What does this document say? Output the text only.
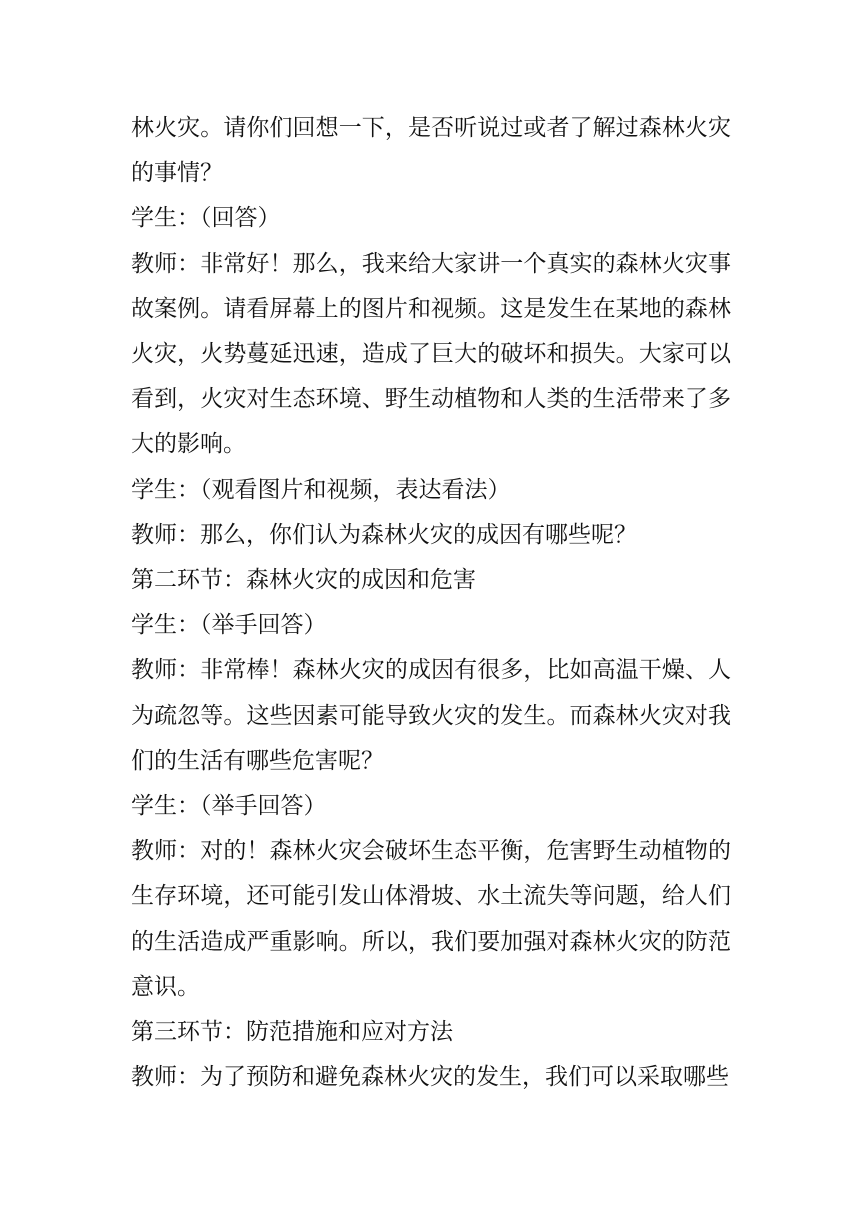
林火灾。请你们回想一下，是否听说过或者了解过森林火灾的事情？

学生：（回答）

教师：非常好！那么，我来给大家讲一个真实的森林火灾事故案例。请看屏幕上的图片和视频。这是发生在某地的森林火灾，火势蔓延迅速，造成了巨大的破坏和损失。大家可以看到，火灾对生态环境、野生动植物和人类的生活带来了多大的影响。

学生：（观看图片和视频，表达看法）

教师：那么，你们认为森林火灾的成因有哪些呢？

第二环节：森林火灾的成因和危害

学生：（举手回答）

教师：非常棒！森林火灾的成因有很多，比如高温干燥、人为疏忽等。这些因素可能导致火灾的发生。而森林火灾对我们的生活有哪些危害呢？

学生：（举手回答）

教师：对的！森林火灾会破坏生态平衡，危害野生动植物的生存环境，还可能引发山体滑坡、水土流失等问题，给人们的生活造成严重影响。所以，我们要加强对森林火灾的防范意识。

第三环节：防范措施和应对方法

教师：为了预防和避免森林火灾的发生，我们可以采取哪些
